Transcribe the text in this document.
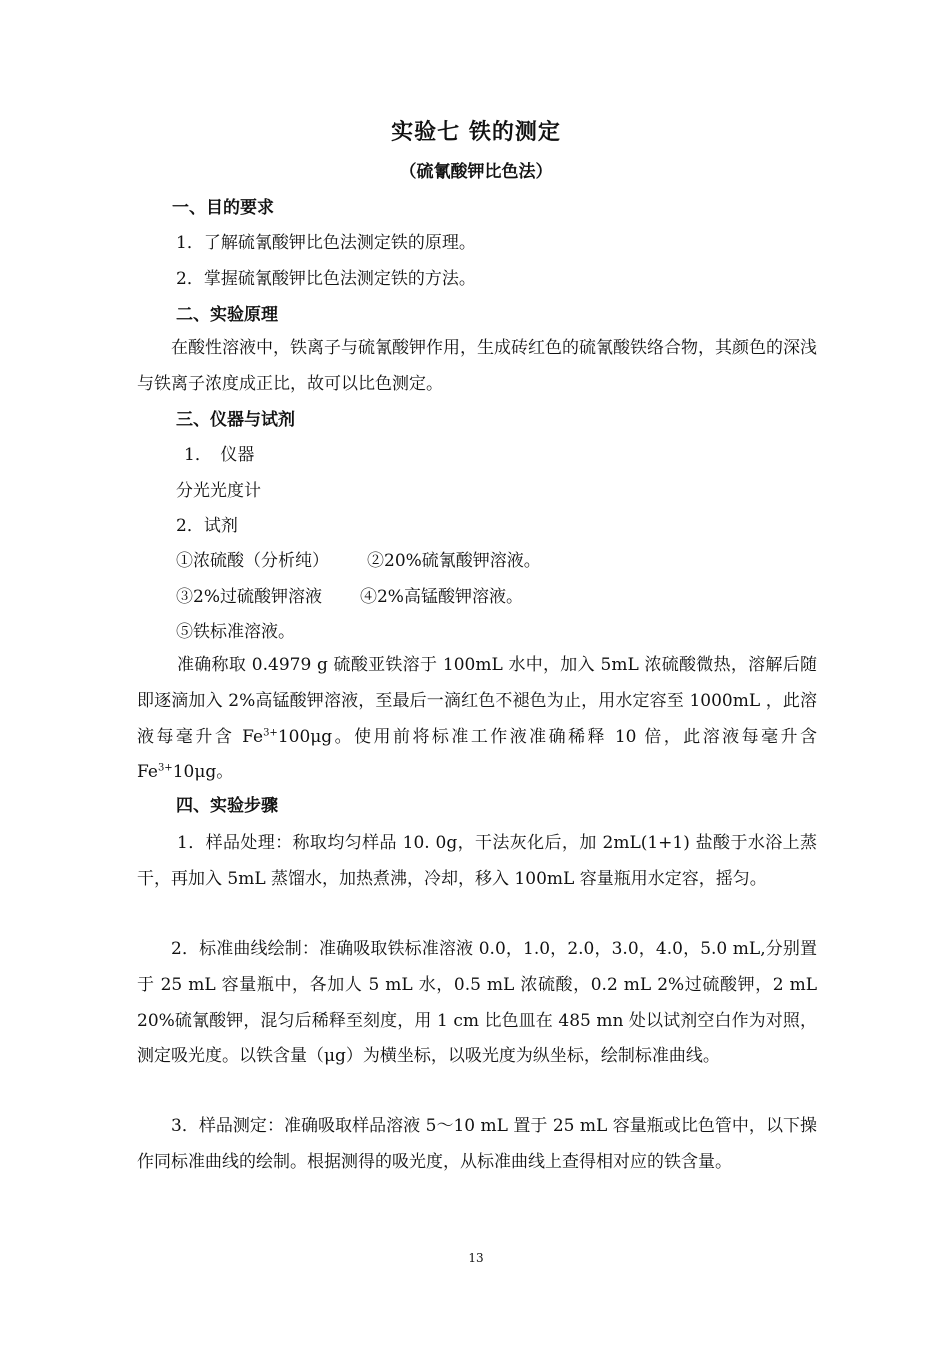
实验七 铁的测定
（硫氰酸钾比色法）
一、目的要求
1．了解硫氰酸钾比色法测定铁的原理。
2．掌握硫氰酸钾比色法测定铁的方法。
二、实验原理
在酸性溶液中，铁离子与硫氰酸钾作用，生成砖红色的硫氰酸铁络合物，其颜色的深浅与铁离子浓度成正比，故可以比色测定。
三、仪器与试剂
1．　仪器
分光光度计
2．试剂
①浓硫酸（分析纯） ②20%硫氰酸钾溶液。
③2%过硫酸钾溶液 ④2%高锰酸钾溶液。
⑤铁标准溶液。
准确称取 0.4979 g 硫酸亚铁溶于 100mL 水中，加入 5mL 浓硫酸微热，溶解后随即逐滴加入 2%高锰酸钾溶液，至最后一滴红色不褪色为止，用水定容至 1000mL ，此溶液每毫升含 $Fe^{3+}100\mu g$。使用前将标准工作液准确稀释 10 倍，此溶液每毫升含 $Fe^{3+}10\mu g$。
四、实验步骤
1．样品处理：称取均匀样品 10. 0g，干法灰化后，加 2mL(1+1) 盐酸于水浴上蒸干，再加入 5mL 蒸馏水，加热煮沸，冷却，移入 100mL 容量瓶用水定容，摇匀。
2．标准曲线绘制：准确吸取铁标准溶液 0.0，1.0，2.0，3.0，4.0，5.0 mL,分别置于 25 mL 容量瓶中，各加人 5 mL 水，0.5 mL 浓硫酸，0.2 mL 2%过硫酸钾，2 mL 20%硫氰酸钾，混匀后稀释至刻度，用 1 cm 比色皿在 485 mn 处以试剂空白作为对照，测定吸光度。以铁含量（μg）为横坐标，以吸光度为纵坐标，绘制标准曲线。
3．样品测定：准确吸取样品溶液 5～10 mL 置于 25 mL 容量瓶或比色管中，以下操作同标准曲线的绘制。根据测得的吸光度，从标准曲线上查得相对应的铁含量。
13
